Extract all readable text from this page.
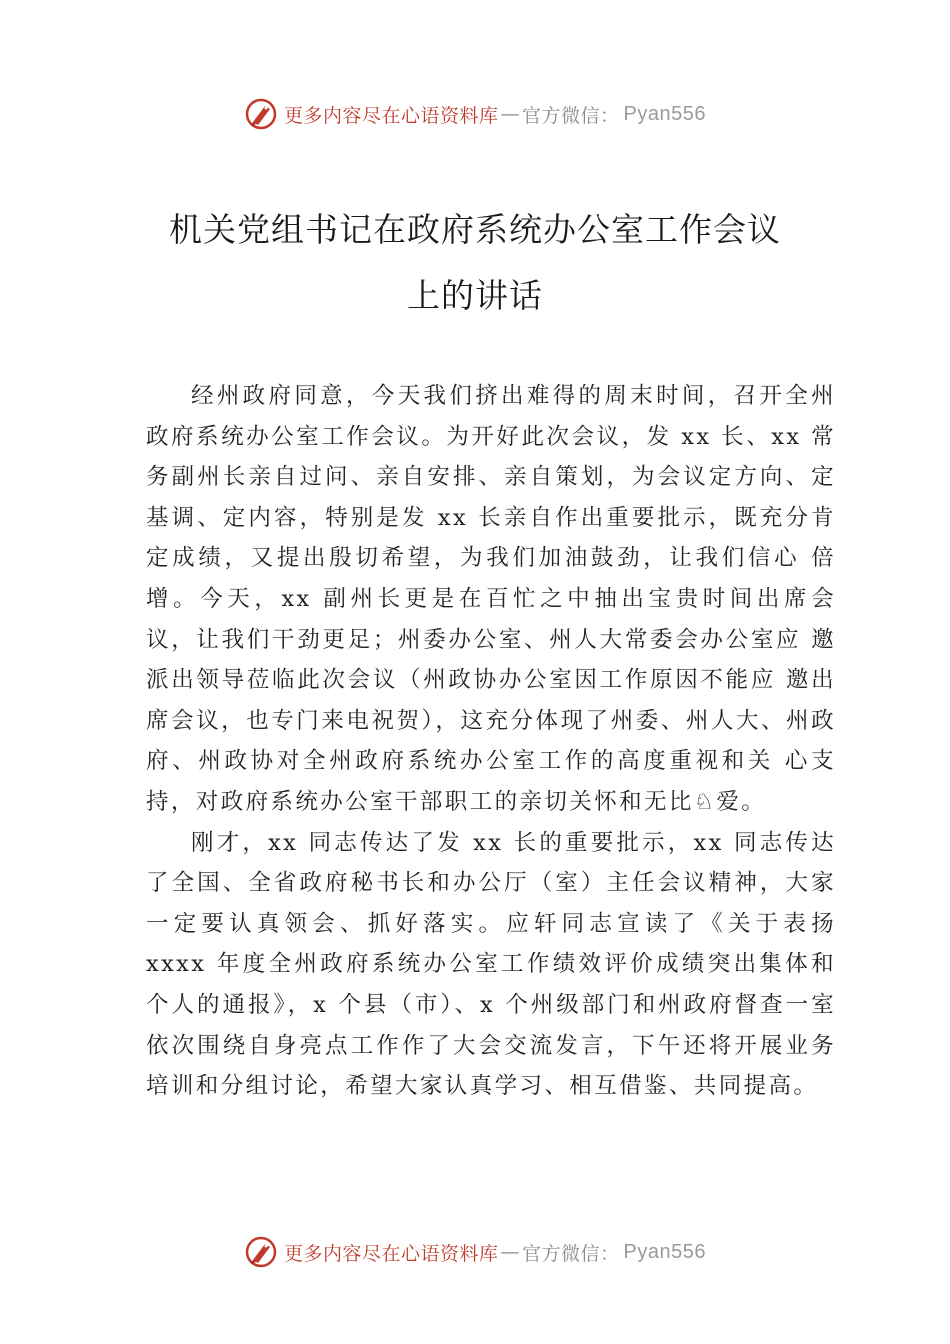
更多内容尽在心语资料库 — 官方微信： Pyan556
机关党组书记在政府系统办公室工作会议
上的讲话

经州政府同意，今天我们挤出难得的周末时间，召开全州政府系统办公室工作会议。为开好此次会议，发 xx 长、xx 常务副州长亲自过问、亲自安排、亲自策划，为会议定方向、定基调、定内容，特别是发 xx 长亲自作出重要批示，既充分肯定成绩，又提出殷切希望，为我们加油鼓劲，让我们信心 倍增。今天，xx 副州长更是在百忙之中抽出宝贵时间出席会 议，让我们干劲更足；州委办公室、州人大常委会办公室应 邀派出领导莅临此次会议（州政协办公室因工作原因不能应 邀出席会议，也专门来电祝贺），这充分体现了州委、州人大、州政府、州政协对全州政府系统办公室工作的高度重视和关 心支持，对政府系统办公室干部职工的亲切关怀和无比♘爱。

刚才，xx 同志传达了发 xx 长的重要批示，xx 同志传达了全国、全省政府秘书长和办公厅（室）主任会议精神，大家一定要认真领会、抓好落实。应轩同志宣读了《关于表扬 xxxx 年度全州政府系统办公室工作绩效评价成绩突出集体和个人的通报》，x 个县（市）、x 个州级部门和州政府督查一室依次围绕自身亮点工作作了大会交流发言，下午还将开展业务培训和分组讨论，希望大家认真学习、相互借鉴、共同提高。

更多内容尽在心语资料库 — 官方微信： Pyan556
